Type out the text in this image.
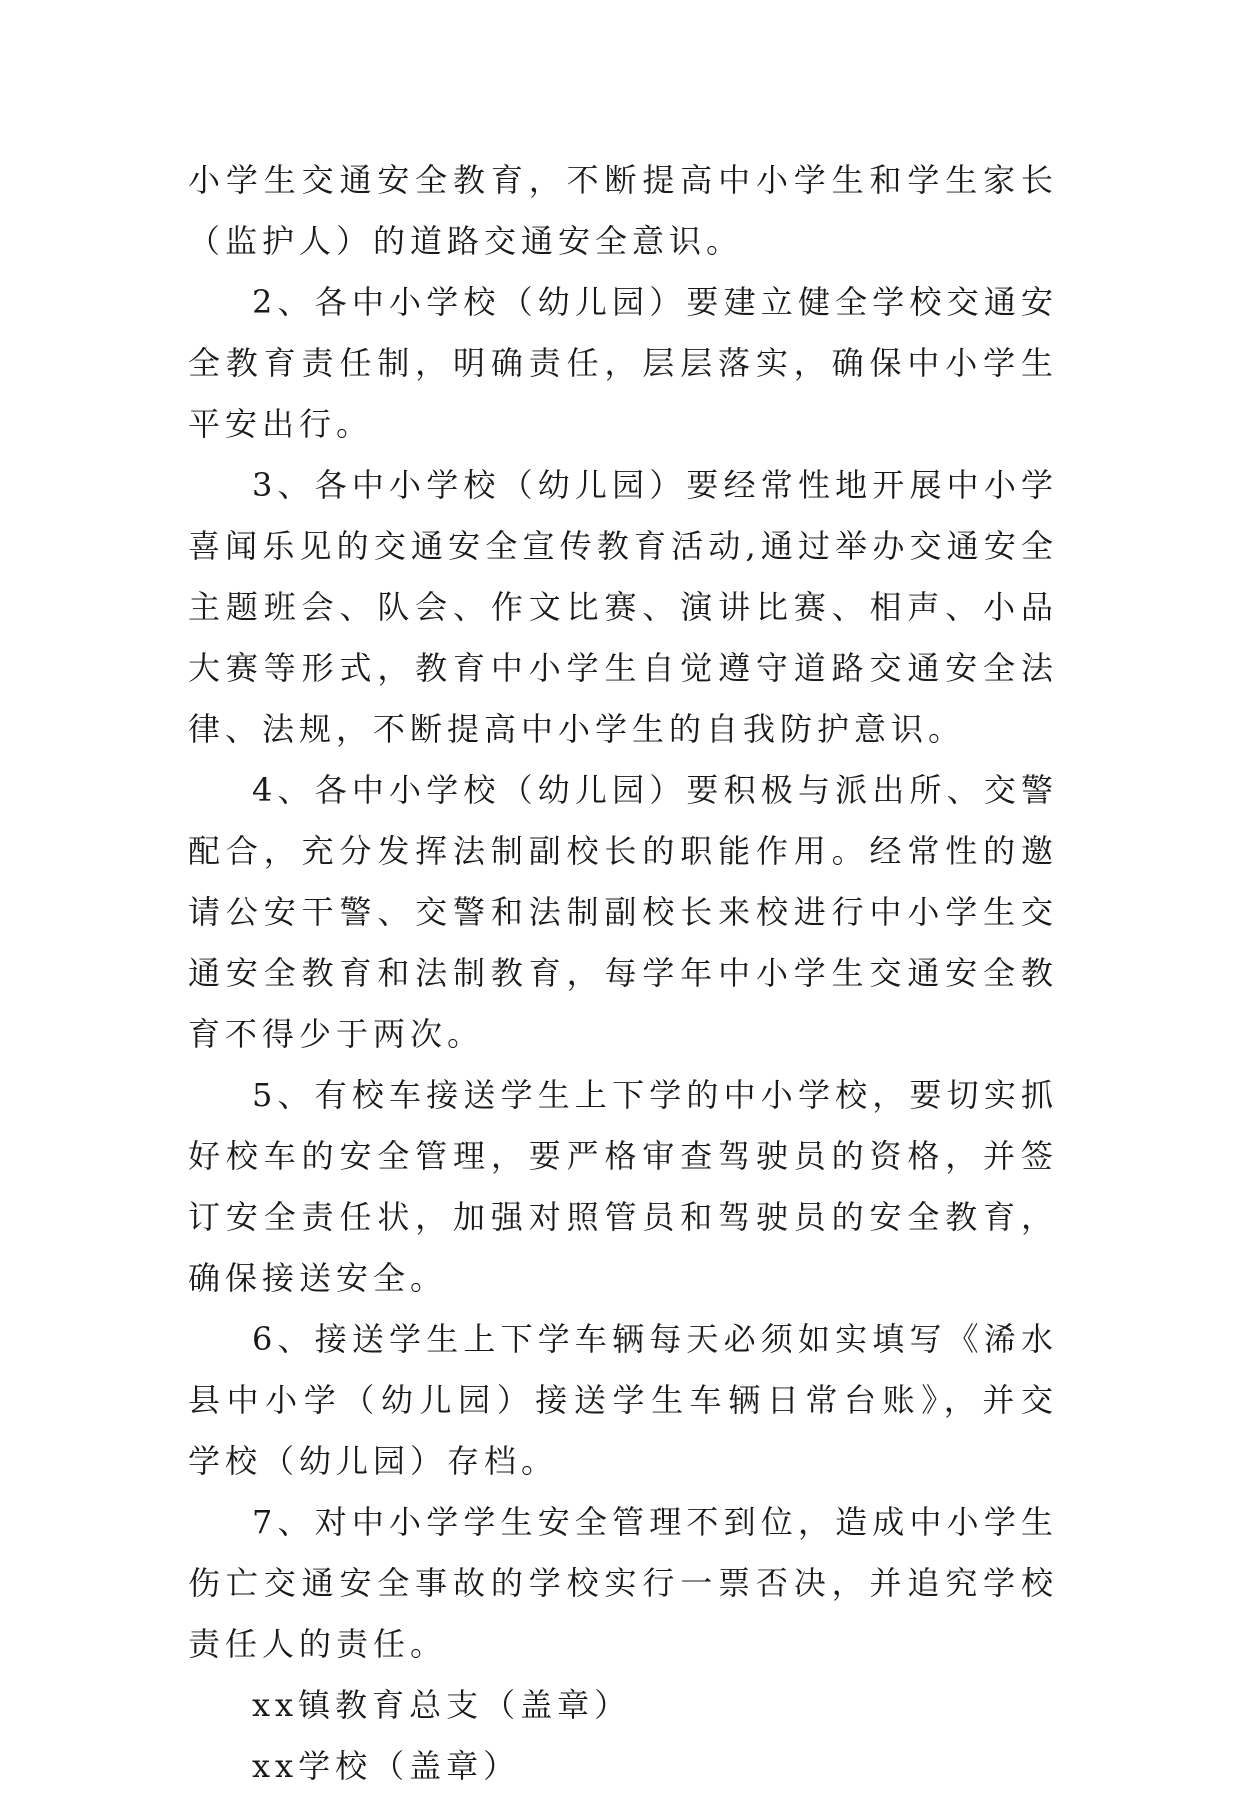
小学生交通安全教育，不断提高中小学生和学生家长（监护人）的道路交通安全意识。

2、各中小学校（幼儿园）要建立健全学校交通安全教育责任制，明确责任，层层落实，确保中小学生平安出行。

3、各中小学校（幼儿园）要经常性地开展中小学喜闻乐见的交通安全宣传教育活动,通过举办交通安全主题班会、队会、作文比赛、演讲比赛、相声、小品大赛等形式，教育中小学生自觉遵守道路交通安全法律、法规，不断提高中小学生的自我防护意识。

4、各中小学校（幼儿园）要积极与派出所、交警配合，充分发挥法制副校长的职能作用。经常性的邀请公安干警、交警和法制副校长来校进行中小学生交通安全教育和法制教育，每学年中小学生交通安全教育不得少于两次。

5、有校车接送学生上下学的中小学校，要切实抓好校车的安全管理，要严格审查驾驶员的资格，并签订安全责任状，加强对照管员和驾驶员的安全教育，确保接送安全。

6、接送学生上下学车辆每天必须如实填写《浠水县中小学（幼儿园）接送学生车辆日常台账》，并交学校（幼儿园）存档。

7、对中小学学生安全管理不到位，造成中小学生伤亡交通安全事故的学校实行一票否决，并追究学校责任人的责任。

xx镇教育总支（盖章）

xx学校（盖章）
